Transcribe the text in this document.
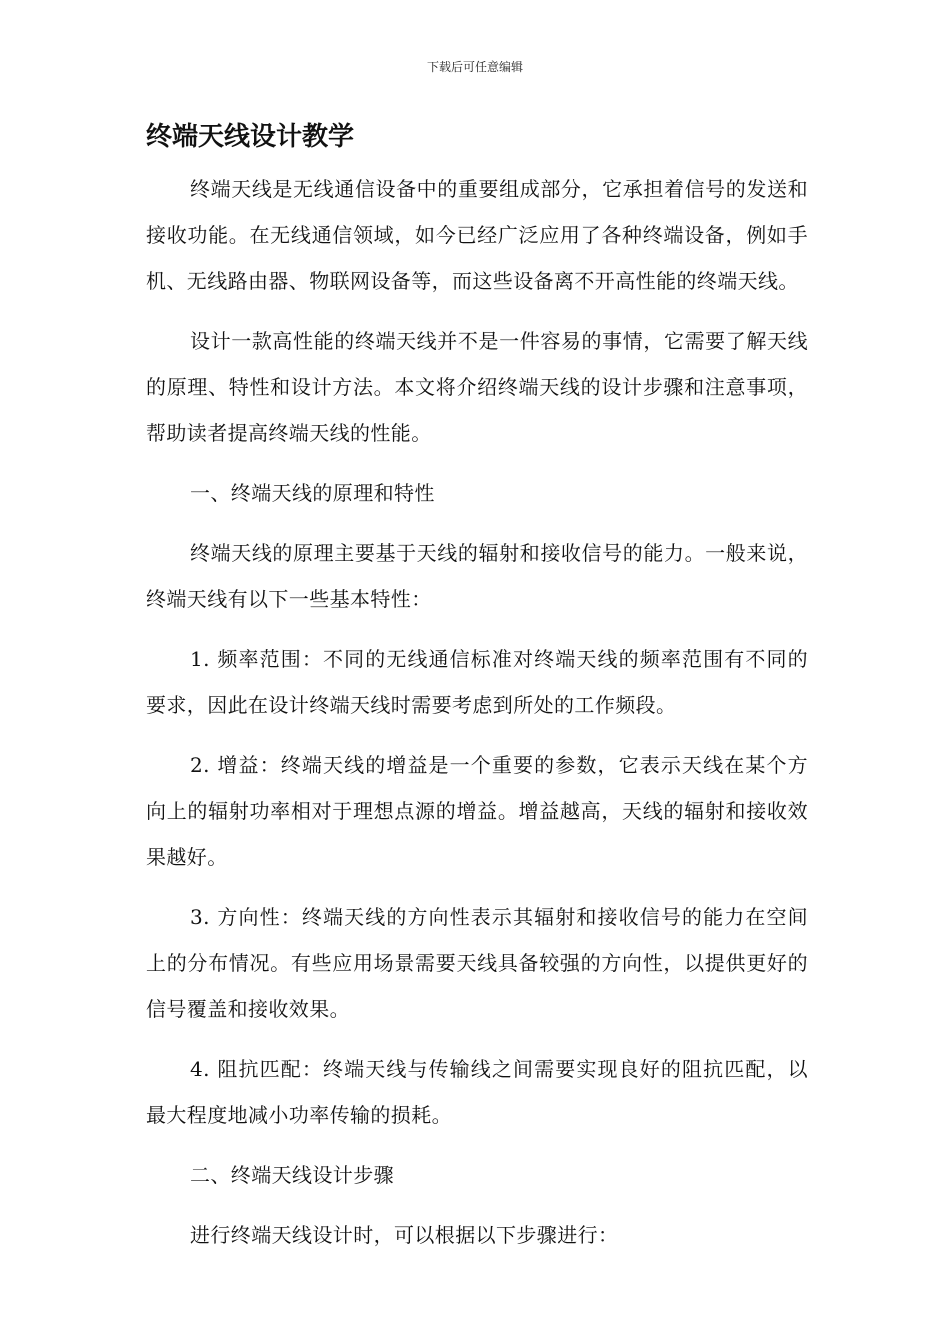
下载后可任意编辑
终端天线设计教学

终端天线是无线通信设备中的重要组成部分，它承担着信号的发送和接收功能。在无线通信领域，如今已经广泛应用了各种终端设备，例如手机、无线路由器、物联网设备等，而这些设备离不开高性能的终端天线。

设计一款高性能的终端天线并不是一件容易的事情，它需要了解天线的原理、特性和设计方法。本文将介绍终端天线的设计步骤和注意事项，帮助读者提高终端天线的性能。

一、终端天线的原理和特性

终端天线的原理主要基于天线的辐射和接收信号的能力。一般来说，终端天线有以下一些基本特性：

1. 频率范围：不同的无线通信标准对终端天线的频率范围有不同的要求，因此在设计终端天线时需要考虑到所处的工作频段。

2. 增益：终端天线的增益是一个重要的参数，它表示天线在某个方向上的辐射功率相对于理想点源的增益。增益越高，天线的辐射和接收效果越好。

3. 方向性：终端天线的方向性表示其辐射和接收信号的能力在空间上的分布情况。有些应用场景需要天线具备较强的方向性，以提供更好的信号覆盖和接收效果。

4. 阻抗匹配：终端天线与传输线之间需要实现良好的阻抗匹配，以最大程度地减小功率传输的损耗。

二、终端天线设计步骤

进行终端天线设计时，可以根据以下步骤进行：
